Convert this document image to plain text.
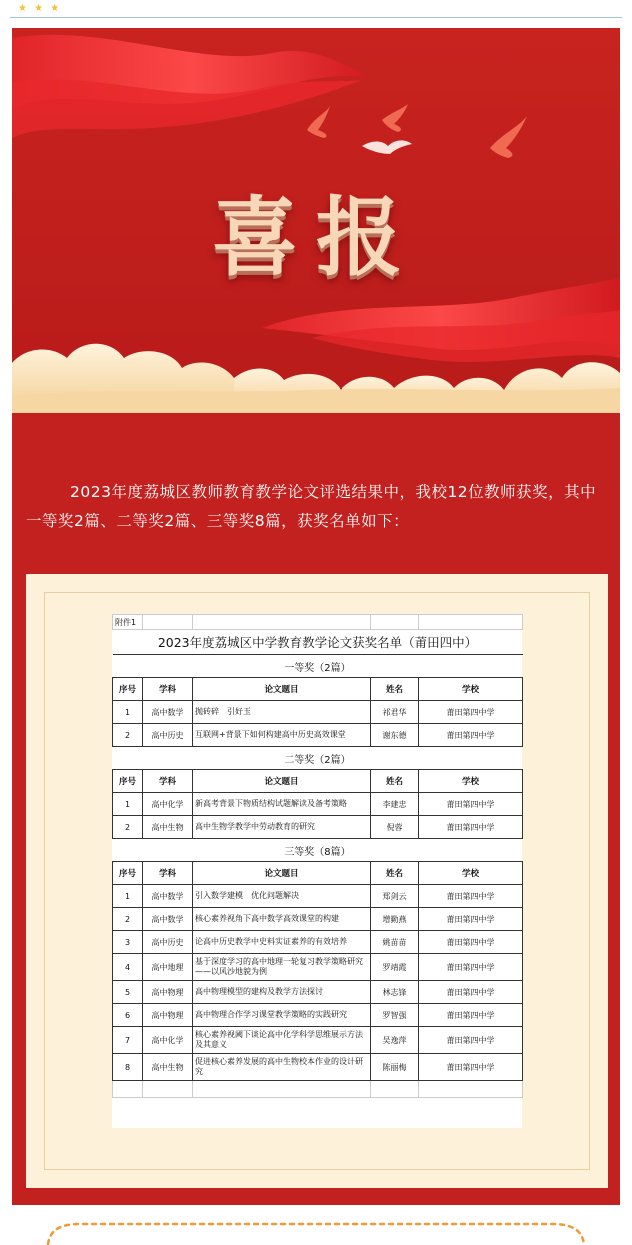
★ ★ ★
喜报
2023年度荔城区教师教育教学论文评选结果中，我校12位教师获奖，其中一等奖2篇、二等奖2篇、三等奖8篇，获奖名单如下：
附件1				
2023年度荔城区中学教育教学论文获奖名单（莆田四中）				
一等奖（2篇）				
序号	学科	论文题目	姓名	学校
1	高中数学	抛砖碎　引好玉	祁君华	莆田第四中学
2	高中历史	互联网+背景下如何构建高中历史高效课堂	谢东德	莆田第四中学
二等奖（2篇）				
序号	学科	论文题目	姓名	学校
1	高中化学	新高考背景下物质结构试题解读及备考策略	李建忠	莆田第四中学
2	高中生物	高中生物学教学中劳动教育的研究	倪蓉	莆田第四中学
三等奖（8篇）				
序号	学科	论文题目	姓名	学校
1	高中数学	引入数学建模　优化问题解决	郑剑云	莆田第四中学
2	高中数学	核心素养视角下高中数学高效课堂的构建	增勤燕	莆田第四中学
3	高中历史	论高中历史教学中史料实证素养的有效培养	姚苗苗	莆田第四中学
4	高中地理	基于深度学习的高中地理一轮复习教学策略研究——以风沙地貌为例	罗靖霞	莆田第四中学
5	高中物理	高中物理模型的建构及教学方法探讨	林志锋	莆田第四中学
6	高中物理	高中物理合作学习课堂教学策略的实践研究	罗智强	莆田第四中学
7	高中化学	核心素养视阈下谈论高中化学科学思维展示方法及其意义	吴逸萍	莆田第四中学
8	高中生物	促进核心素养发展的高中生物校本作业的设计研究	陈丽梅	莆田第四中学
